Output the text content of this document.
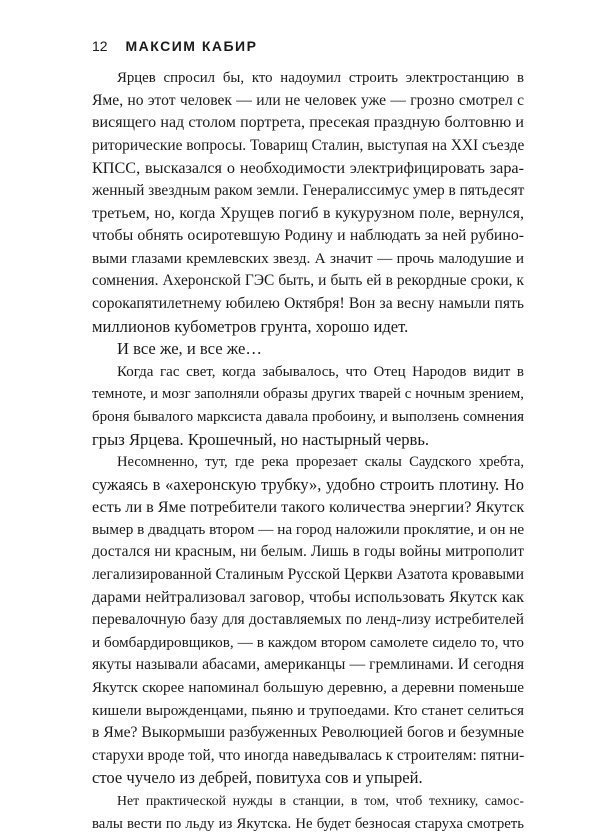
12 МАКСИМ КАБИР
Ярцев спросил бы, кто надоумил строить электростанцию в
Яме, но этот человек — или не человек уже — грозно смотрел с
висящего над столом портрета, пресекая праздную болтовню и
риторические вопросы. Товарищ Сталин, выступая на XXI съезде
КПСС, высказался о необходимости электрифицировать зара-
женный звездным раком земли. Генералиссимус умер в пятьдесят
третьем, но, когда Хрущев погиб в кукурузном поле, вернулся,
чтобы обнять осиротевшую Родину и наблюдать за ней рубино-
выми глазами кремлевских звезд. А значит — прочь малодушие и
сомнения. Ахеронской ГЭС быть, и быть ей в рекордные сроки, к
сорокапятилетнему юбилею Октября! Вон за весну намыли пять
миллионов кубометров грунта, хорошо идет.
И все же, и все же…
Когда гас свет, когда забывалось, что Отец Народов видит в
темноте, и мозг заполняли образы других тварей с ночным зрением,
броня бывалого марксиста давала пробоину, и выползень сомнения
грыз Ярцева. Крошечный, но настырный червь.
Несомненно, тут, где река прорезает скалы Саудского хребта,
сужаясь в «ахеронскую трубку», удобно строить плотину. Но
есть ли в Яме потребители такого количества энергии? Якутск
вымер в двадцать втором — на город наложили проклятие, и он не
достался ни красным, ни белым. Лишь в годы войны митрополит
легализированной Сталиным Русской Церкви Азатота кровавыми
дарами нейтрализовал заговор, чтобы использовать Якутск как
перевалочную базу для доставляемых по ленд-лизу истребителей
и бомбардировщиков, — в каждом втором самолете сидело то, что
якуты называли абасами, американцы — гремлинами. И сегодня
Якутск скорее напоминал большую деревню, а деревни поменьше
кишели вырожденцами, пьяню и трупоедами. Кто станет селиться
в Яме? Выкормыши разбуженных Революцией богов и безумные
старухи вроде той, что иногда наведывалась к строителям: пятни-
стое чучело из дебрей, повитуха сов и упырей.
Нет практической нужды в станции, в том, чтоб технику, самос-
валы вести по льду из Якутска. Не будет безносая старуха смотреть
